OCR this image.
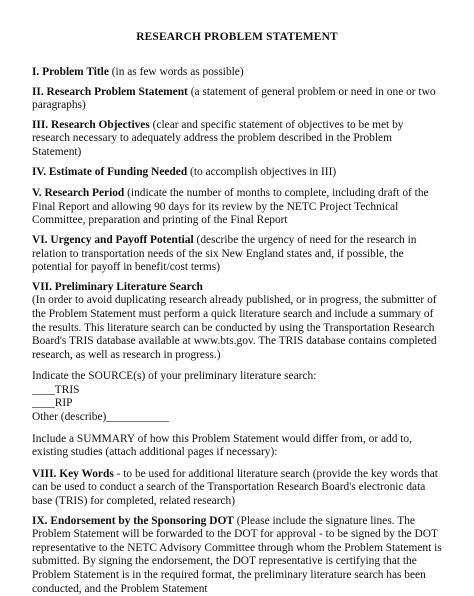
RESEARCH PROBLEM STATEMENT

I. Problem Title (in as few words as possible)

II. Research Problem Statement (a statement of general problem or need in one or two paragraphs)

III. Research Objectives (clear and specific statement of objectives to be met by research necessary to adequately address the problem described in the Problem Statement)

IV. Estimate of Funding Needed (to accomplish objectives in III)

V. Research Period (indicate the number of months to complete, including draft of the Final Report and allowing 90 days for its review by the NETC Project Technical Committee, preparation and printing of the Final Report

VI. Urgency and Payoff Potential (describe the urgency of need for the research in relation to transportation needs of the six New England states and, if possible, the potential for payoff in benefit/cost terms)

VII. Preliminary Literature Search
(In order to avoid duplicating research already published, or in progress, the submitter of the Problem Statement must perform a quick literature search and include a summary of the results. This literature search can be conducted by using the Transportation Research Board's TRIS database available at www.bts.gov. The TRIS database contains completed research, as well as research in progress.)

Indicate the SOURCE(s) of your preliminary literature search:

____TRIS

____RIP

Other (describe)___________

Include a SUMMARY of how this Problem Statement would differ from, or add to, existing studies (attach additional pages if necessary):

VIII. Key Words - to be used for additional literature search (provide the key words that can be used to conduct a search of the Transportation Research Board's electronic data base (TRIS) for completed, related research)

IX. Endorsement by the Sponsoring DOT (Please include the signature lines. The Problem Statement will be forwarded to the DOT for approval - to be signed by the DOT representative to the NETC Advisory Committee through whom the Problem Statement is submitted. By signing the endorsement, the DOT representative is certifying that the Problem Statement is in the required format, the preliminary literature search has been conducted, and the Problem Statement
